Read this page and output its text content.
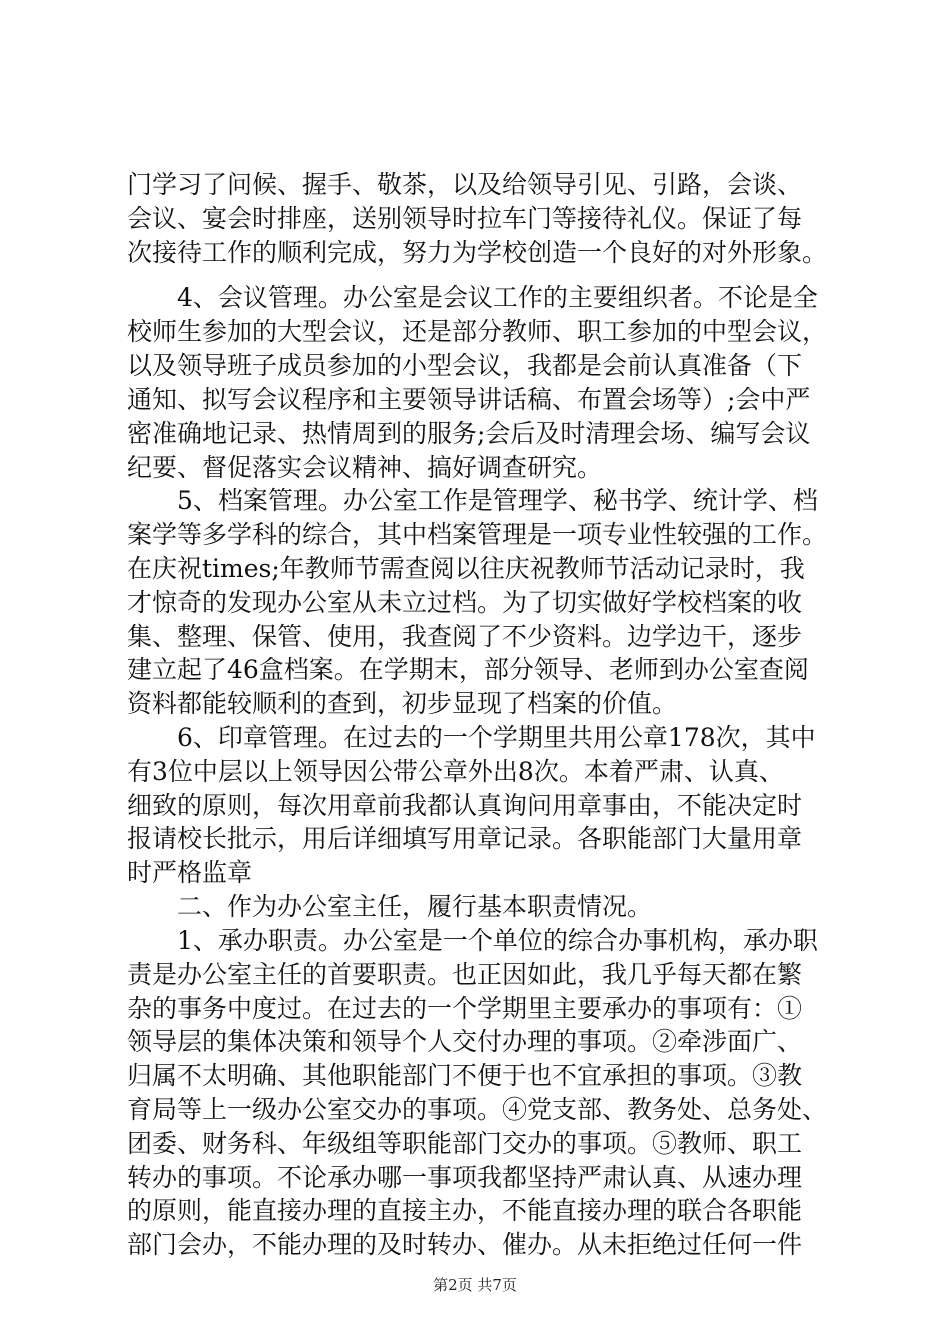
门学习了问候、握手、敬茶，以及给领导引见、引路，会谈、
会议、宴会时排座，送别领导时拉车门等接待礼仪。保证了每
次接待工作的顺利完成，努力为学校创造一个良好的对外形象。
　　4、会议管理。办公室是会议工作的主要组织者。不论是全
校师生参加的大型会议，还是部分教师、职工参加的中型会议，
以及领导班子成员参加的小型会议，我都是会前认真准备（下
通知、拟写会议程序和主要领导讲话稿、布置会场等）;会中严
密准确地记录、热情周到的服务;会后及时清理会场、编写会议
纪要、督促落实会议精神、搞好调查研究。
　　5、档案管理。办公室工作是管理学、秘书学、统计学、档
案学等多学科的综合，其中档案管理是一项专业性较强的工作。
在庆祝times;年教师节需查阅以往庆祝教师节活动记录时，我
才惊奇的发现办公室从未立过档。为了切实做好学校档案的收
集、整理、保管、使用，我查阅了不少资料。边学边干，逐步
建立起了46盒档案。在学期末，部分领导、老师到办公室查阅
资料都能较顺利的查到，初步显现了档案的价值。
　　6、印章管理。在过去的一个学期里共用公章178次，其中
有3位中层以上领导因公带公章外出8次。本着严肃、认真、
细致的原则，每次用章前我都认真询问用章事由，不能决定时
报请校长批示，用后详细填写用章记录。各职能部门大量用章
时严格监章
　　二、作为办公室主任，履行基本职责情况。
　　1、承办职责。办公室是一个单位的综合办事机构，承办职
责是办公室主任的首要职责。也正因如此，我几乎每天都在繁
杂的事务中度过。在过去的一个学期里主要承办的事项有：①
领导层的集体决策和领导个人交付办理的事项。②牵涉面广、
归属不太明确、其他职能部门不便于也不宜承担的事项。③教
育局等上一级办公室交办的事项。④党支部、教务处、总务处、
团委、财务科、年级组等职能部门交办的事项。⑤教师、职工
转办的事项。不论承办哪一事项我都坚持严肃认真、从速办理
的原则，能直接办理的直接主办，不能直接办理的联合各职能
部门会办，不能办理的及时转办、催办。从未拒绝过任何一件
第2页 共7页
